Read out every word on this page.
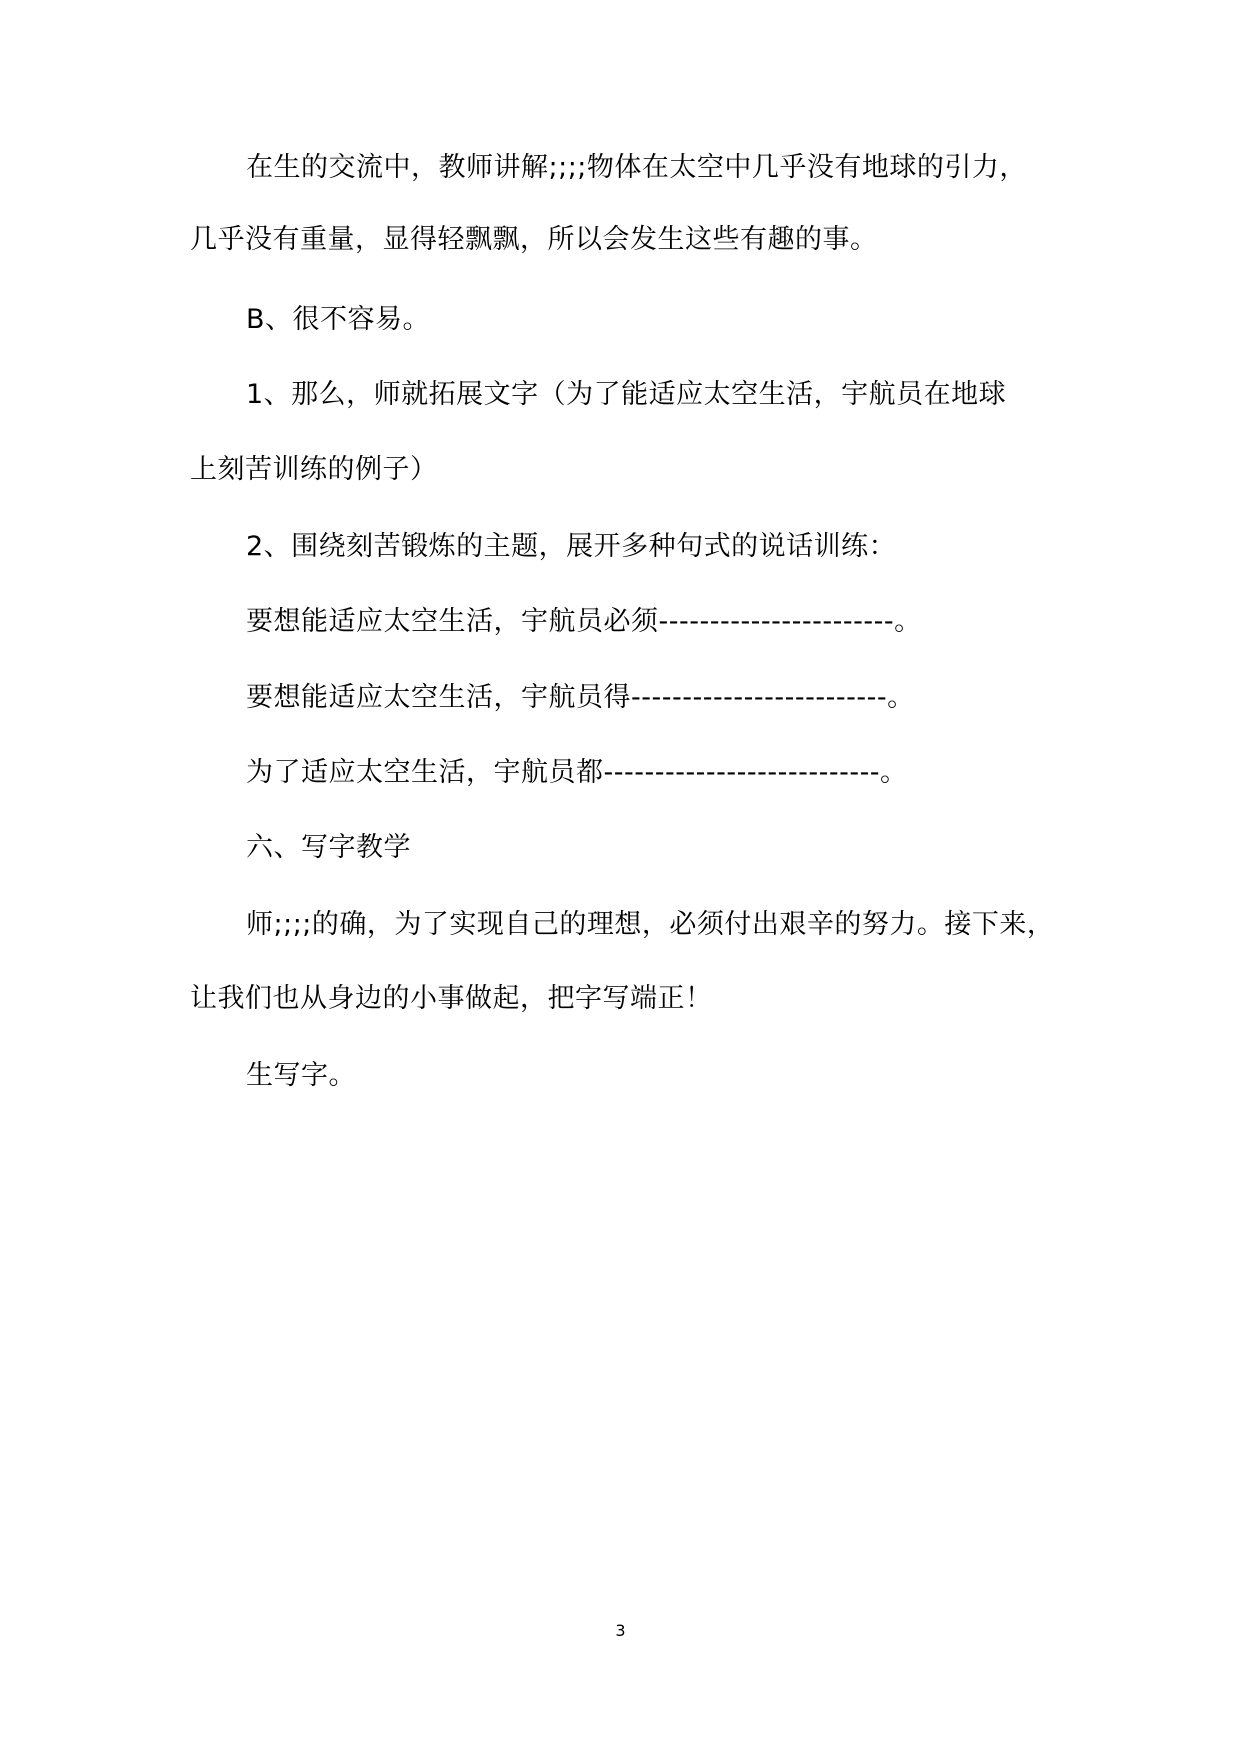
在生的交流中，教师讲解;;;;物体在太空中几乎没有地球的引力，
几乎没有重量，显得轻飘飘，所以会发生这些有趣的事。
B、很不容易。
1、那么，师就拓展文字（为了能适应太空生活，宇航员在地球
上刻苦训练的例子）
2、围绕刻苦锻炼的主题，展开多种句式的说话训练：
要想能适应太空生活，宇航员必须-----------------------。
要想能适应太空生活，宇航员得-------------------------。
为了适应太空生活，宇航员都---------------------------。
六、写字教学
师;;;;的确，为了实现自己的理想，必须付出艰辛的努力。接下来，
让我们也从身边的小事做起，把字写端正！
生写字。
3
